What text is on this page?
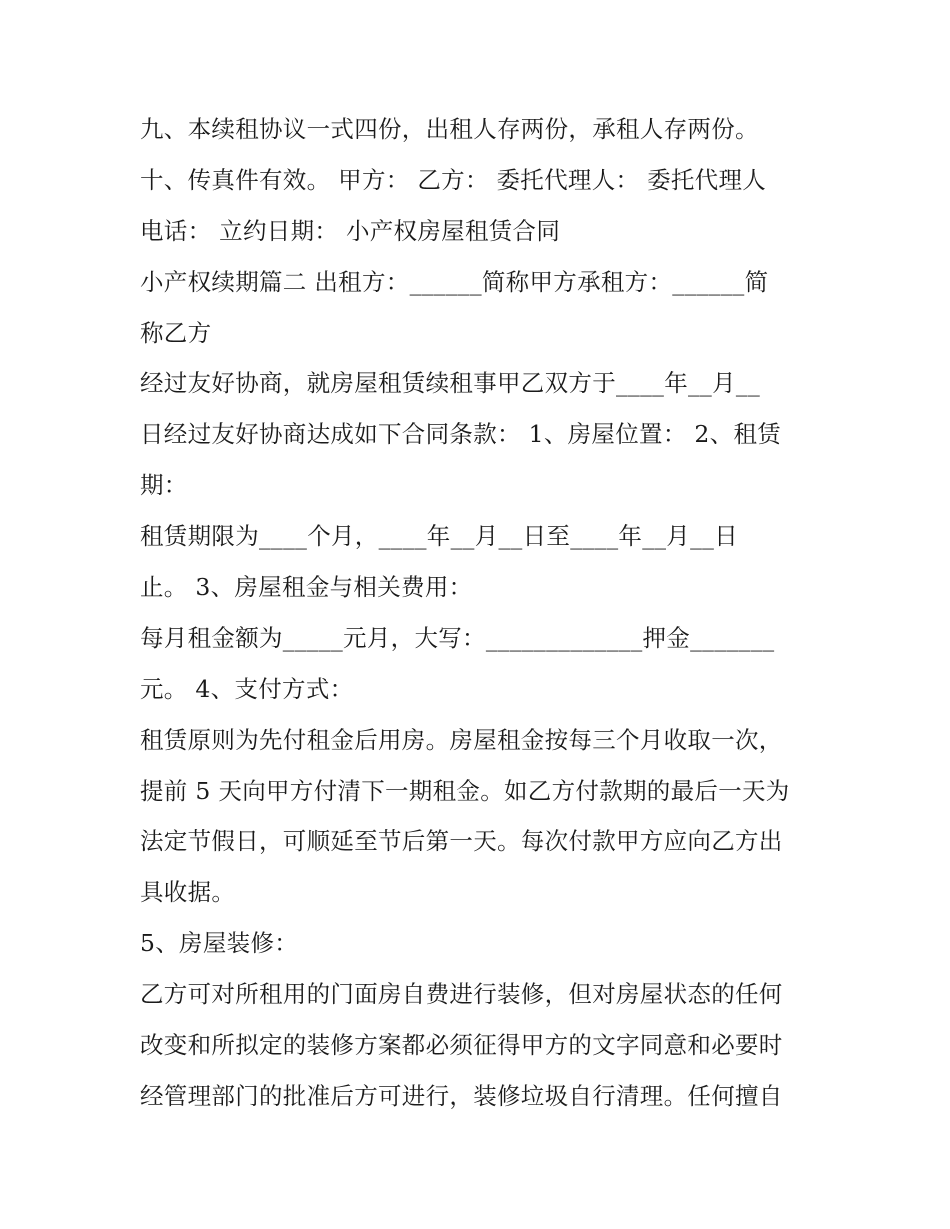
九、本续租协议一式四份，出租人存两份，承租人存两份。
十、传真件有效。 甲方： 乙方： 委托代理人： 委托代理人
电话： 立约日期： 小产权房屋租赁合同
小产权续期篇二 出租方：______简称甲方承租方：______简
称乙方
经过友好协商，就房屋租赁续租事甲乙双方于____年__月__
日经过友好协商达成如下合同条款： 1、房屋位置： 2、租赁
期：
租赁期限为____个月，____年__月__日至____年__月__日
止。 3、房屋租金与相关费用：
每月租金额为_____元月，大写：_____________押金_______
元。 4、支付方式：
租赁原则为先付租金后用房。房屋租金按每三个月收取一次，
提前 5 天向甲方付清下一期租金。如乙方付款期的最后一天为
法定节假日，可顺延至节后第一天。每次付款甲方应向乙方出
具收据。
5、房屋装修：
乙方可对所租用的门面房自费进行装修，但对房屋状态的任何
改变和所拟定的装修方案都必须征得甲方的文字同意和必要时
经管理部门的批准后方可进行，装修垃圾自行清理。任何擅自
